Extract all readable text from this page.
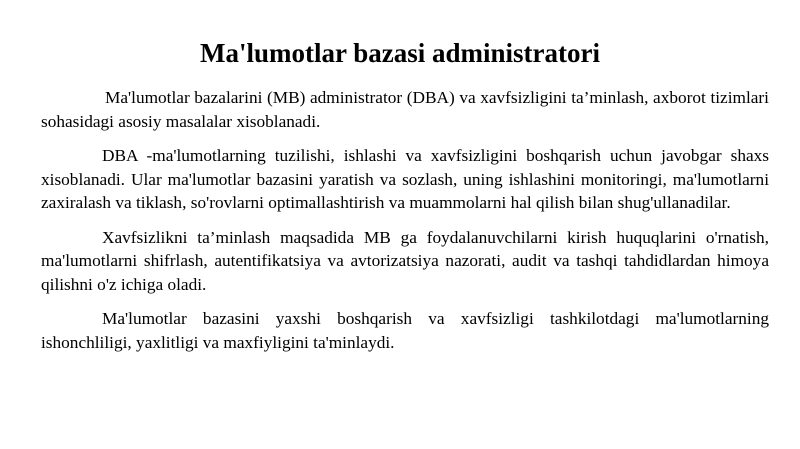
Ma'lumotlar bazasi administratori

Ma'lumotlar bazalarini (MB) administrator (DBA) va xavfsizligini ta’minlash, axborot tizimlari sohasidagi asosiy masalalar xisoblanadi.

DBA -ma'lumotlarning tuzilishi, ishlashi va xavfsizligini boshqarish uchun javobgar shaxs xisoblanadi. Ular ma'lumotlar bazasini yaratish va sozlash, uning ishlashini monitoringi, ma'lumotlarni zaxiralash va tiklash, so'rovlarni optimallashtirish va muammolarni hal qilish bilan shug'ullanadilar.

Xavfsizlikni ta’minlash maqsadida MB ga foydalanuvchilarni kirish huquqlarini o'rnatish, ma'lumotlarni shifrlash, autentifikatsiya va avtorizatsiya nazorati, audit va tashqi tahdidlardan himoya qilishni o'z ichiga oladi.

Ma'lumotlar bazasini yaxshi boshqarish va xavfsizligi tashkilotdagi ma'lumotlarning ishonchliligi, yaxlitligi va maxfiyligini ta'minlaydi.
